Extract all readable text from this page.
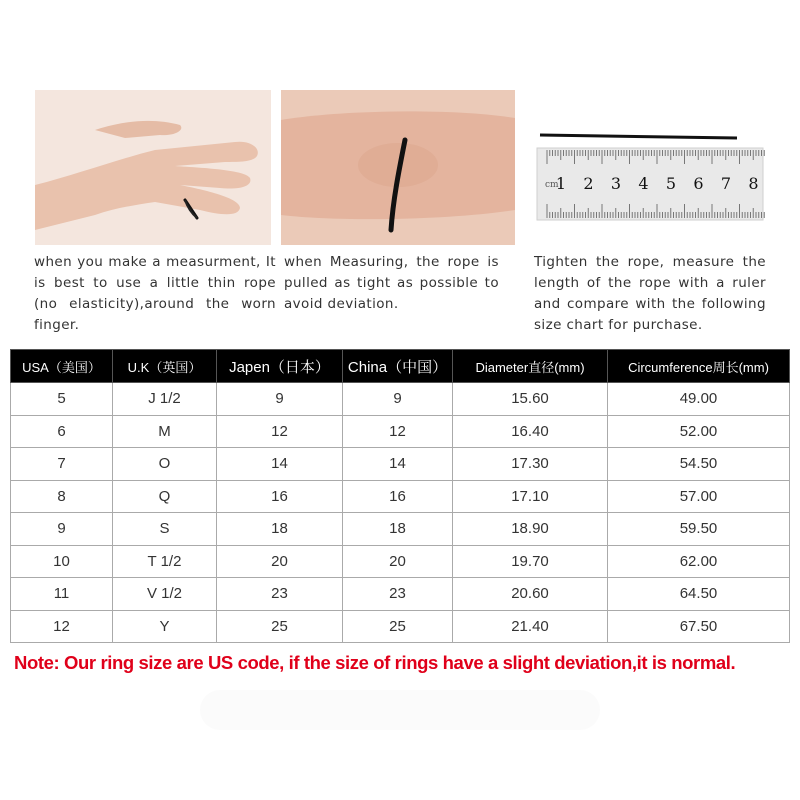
cm
1 2 3 4 5 6 7 8
when you make a measurment, It is best to use a little thin rope (no elasticity),around the worn finger.
when Measuring, the rope is pulled as tight as possible to avoid deviation.
Tighten the rope, measure the length of the rope with a ruler and compare with the following size chart for purchase.
USA（美国）	U.K（英国）	Japen（日本）	China（中国）	Diameter直径(mm)	Circumference周长(mm)
5	J 1/2	9	9	15.60	49.00
6	M	12	12	16.40	52.00
7	O	14	14	17.30	54.50
8	Q	16	16	17.10	57.00
9	S	18	18	18.90	59.50
10	T 1/2	20	20	19.70	62.00
11	V 1/2	23	23	20.60	64.50
12	Y	25	25	21.40	67.50
Note: Our ring size are US code, if the size of rings have a slight deviation,it is normal.
